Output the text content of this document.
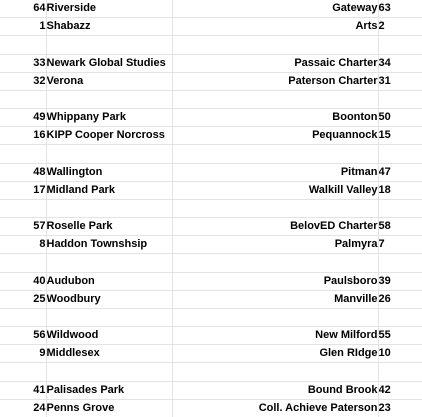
64	Riverside		Gateway	63
1	Shabazz		Arts	2

33	Newark Global Studies		Passaic Charter	34
32	Verona		Paterson Charter	31

49	Whippany Park		Boonton	50
16	KIPP Cooper Norcross		Pequannock	15

48	Wallington		Pitman	47
17	Midland Park		Walkill Valley	18

57	Roselle Park		BelovED Charter	58
8	Haddon Townshsip		Palmyra	7

40	Audubon		Paulsboro	39
25	Woodbury		Manville	26

56	Wildwood		New Milford	55
9	Middlesex		Glen RIdge	10

41	Palisades Park		Bound Brook	42
24	Penns Grove		Coll. Achieve Paterson	23
